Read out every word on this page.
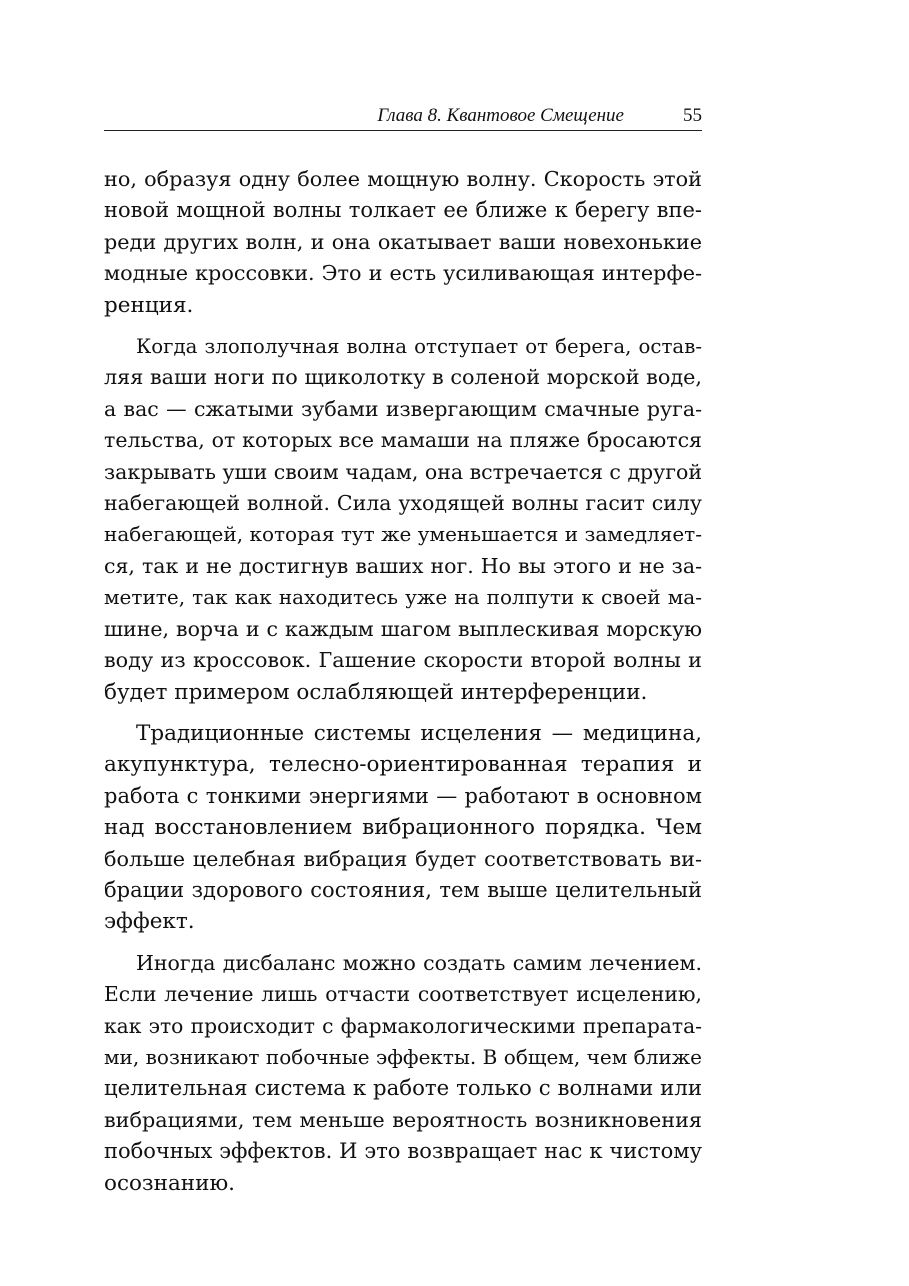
Глава 8. Квантовое Смещение	55

но, образуя одну более мощную волну. Скорость этой
новой мощной волны толкает ее ближе к берегу впе-
реди других волн, и она окатывает ваши новехонькие
модные кроссовки. Это и есть усиливающая интерфе-
ренция.

Когда злополучная волна отступает от берега, остав-
ляя ваши ноги по щиколотку в соленой морской воде,
а вас — сжатыми зубами извергающим смачные руга-
тельства, от которых все мамаши на пляже бросаются
закрывать уши своим чадам, она встречается с другой
набегающей волной. Сила уходящей волны гасит силу
набегающей, которая тут же уменьшается и замедляет-
ся, так и не достигнув ваших ног. Но вы этого и не за-
метите, так как находитесь уже на полпути к своей ма-
шине, ворча и с каждым шагом выплескивая морскую
воду из кроссовок. Гашение скорости второй волны и
будет примером ослабляющей интерференции.

Традиционные системы исцеления — медицина,
акупунктура, телесно-ориентированная терапия и
работа с тонкими энергиями — работают в основном
над восстановлением вибрационного порядка. Чем
больше целебная вибрация будет соответствовать ви-
брации здорового состояния, тем выше целительный
эффект.

Иногда дисбаланс можно создать самим лечением.
Если лечение лишь отчасти соответствует исцелению,
как это происходит с фармакологическими препарата-
ми, возникают побочные эффекты. В общем, чем ближе
целительная система к работе только с волнами или
вибрациями, тем меньше вероятность возникновения
побочных эффектов. И это возвращает нас к чистому
осознанию.
